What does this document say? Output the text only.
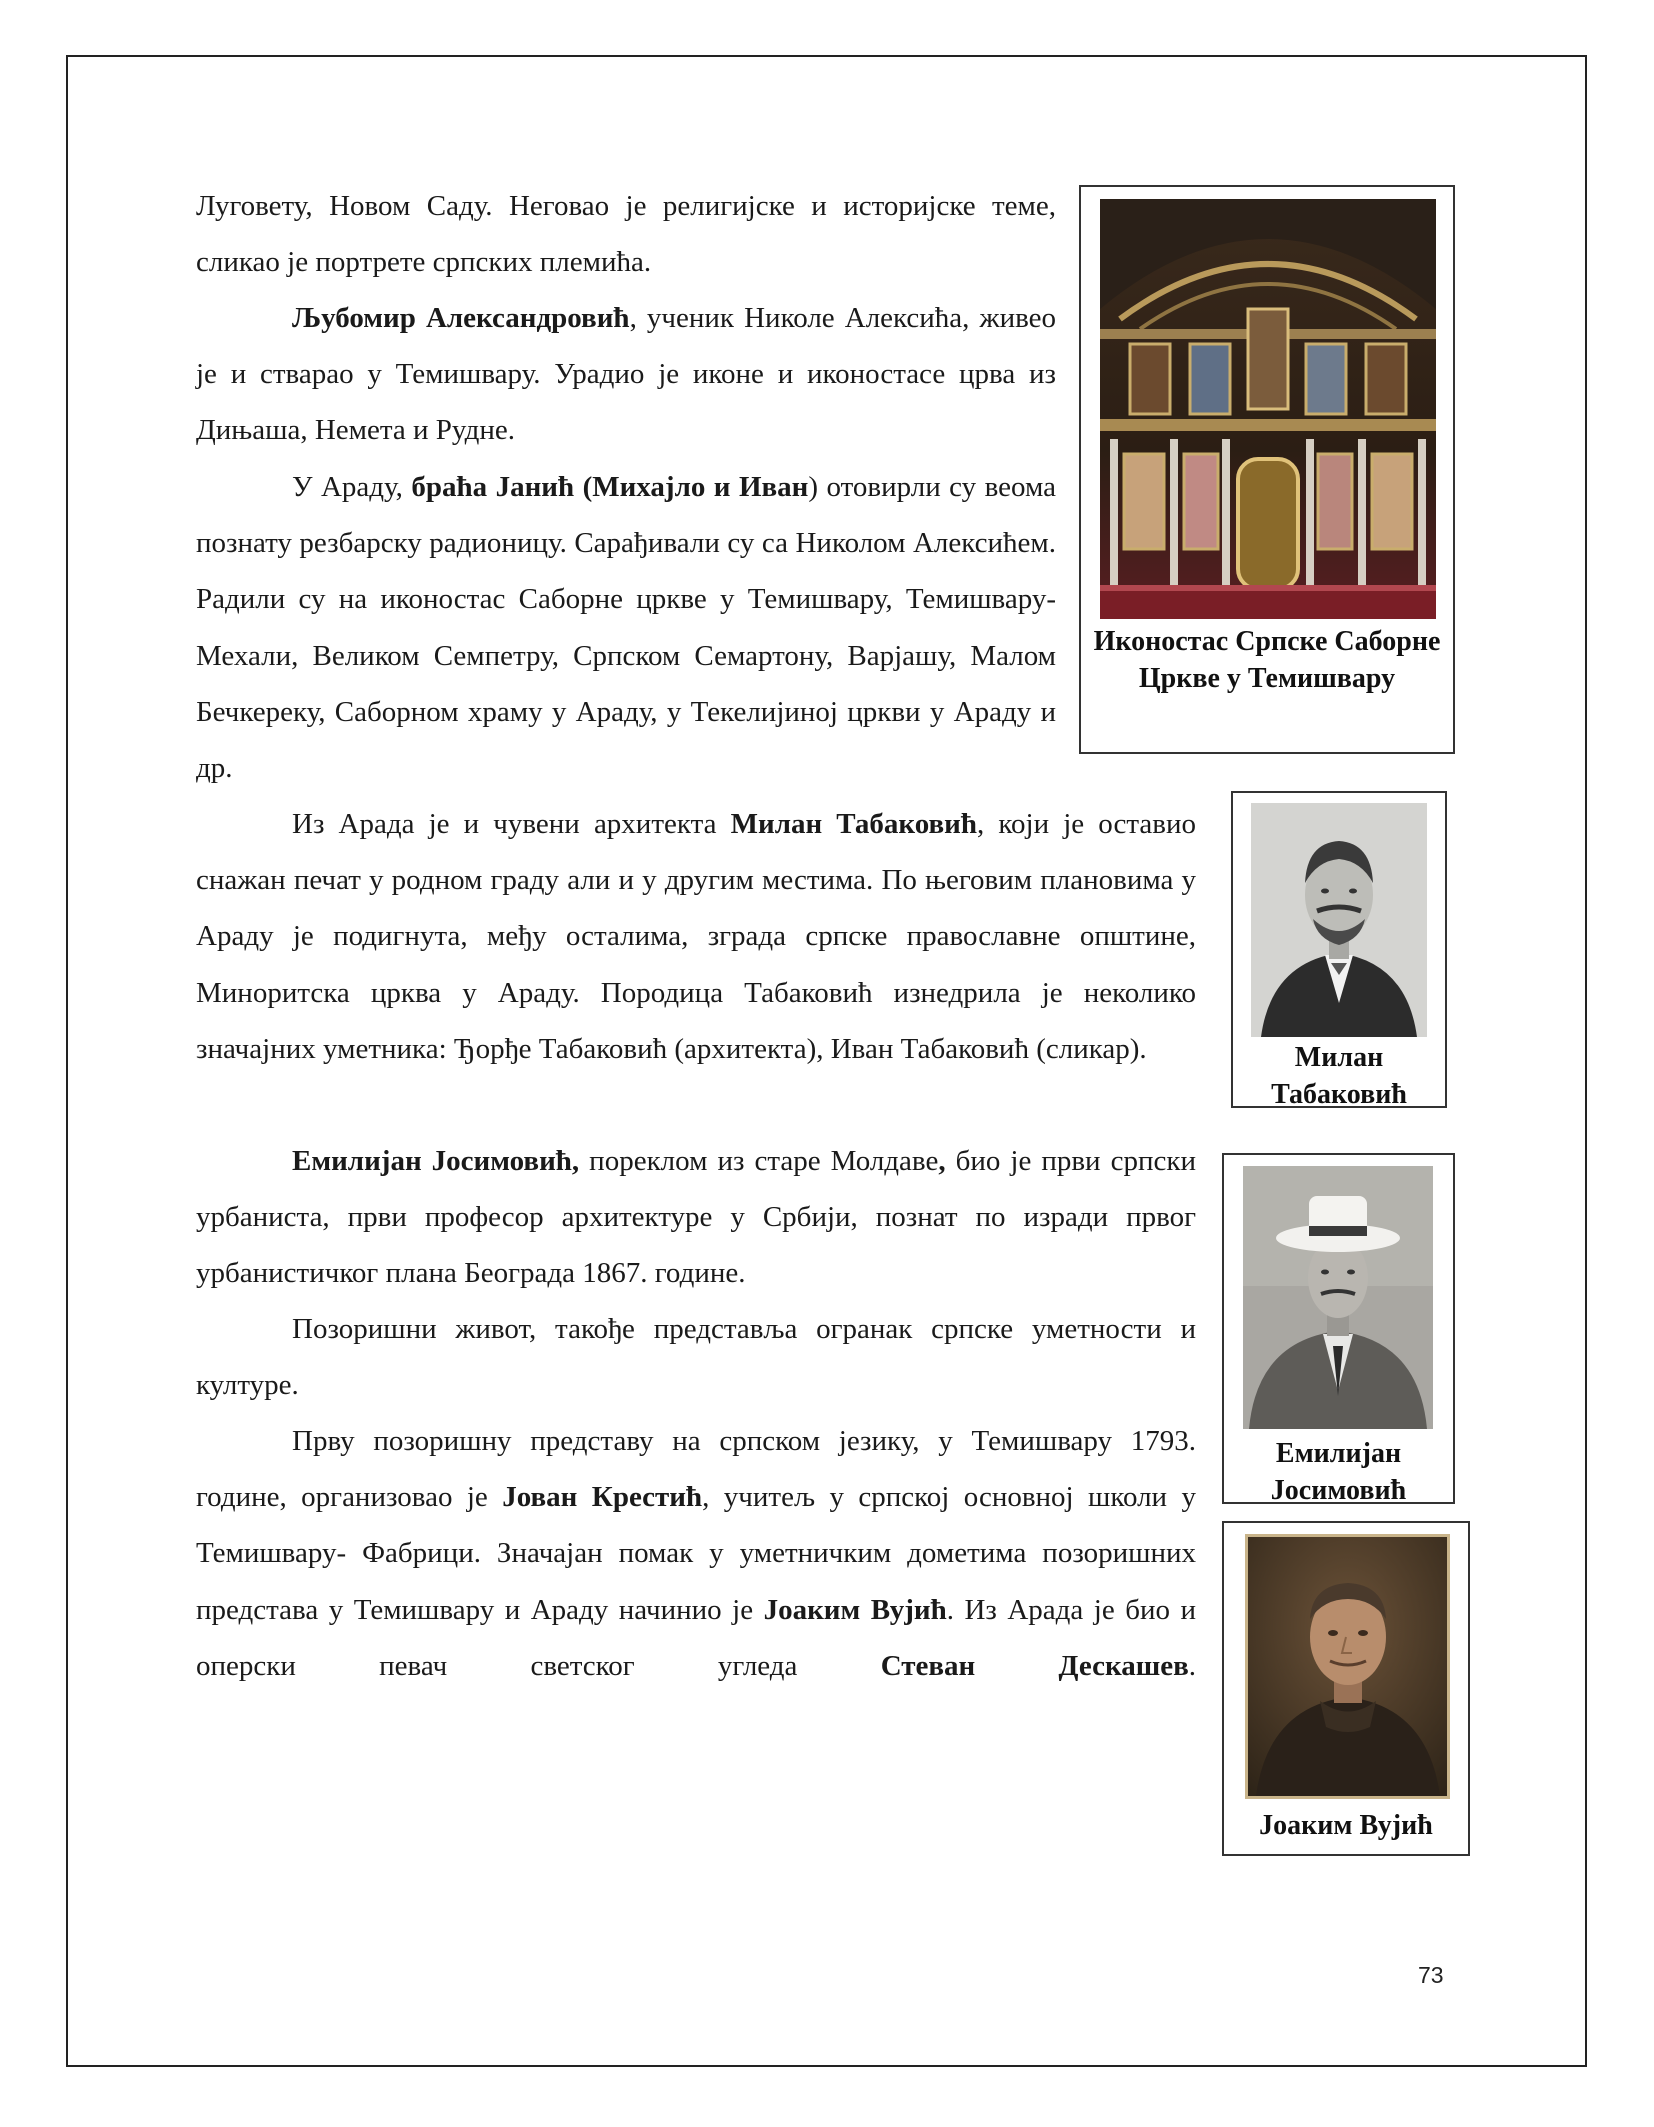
Луговету, Новом Саду. Неговао је религијске и историјске теме, сликао је портрете српских племића.

Љубомир Александровић, ученик Николе Алексића, живео је и стварао у Темишвару. Урадио је иконе и иконостасе црва из Дињаша, Немета и Рудне.

У Араду, браћа Јанић (Михајло и Иван) отовирли су веома познату резбарску радионицу. Сарађивали су са Николом Алексићем. Радили су на иконостас Саборне цркве у Темишвару, Темишвару-Мехали, Великом Семпетру, Српском Семартону, Варјашу, Малом Бечкереку, Саборном храму у Араду, у Текелијиној цркви у Араду и др.

Из Арада је и чувени архитекта Милан Табаковић, који је оставио снажан печат у родном граду али и у другим местима. По његовим плановима у Араду је подигнута, међу осталима, зграда српске православне општине, Миноритска црква у Араду. Породица Табаковић изнедрила је неколико значајних уметника: Ђорђе Табаковић (архитекта), Иван Табаковић (сликар).

Емилијан Јосимовић, пореклом из старе Молдаве, био је први српски урбаниста, први професор архитектуре у Србији, познат по изради првог урбанистичког плана Београда 1867. године.

Позоришни живот, такође представља огранак српске уметности и културе.

Прву позоришну представу на српском језику, у Темишвару 1793. године, организовао је Јован Крестић, учитељ у српској основној школи у Темишвару- Фабрици. Значајан помак у уметничким дометима позоришних представа у Темишвару и Араду начинио је Јоаким Вујић. Из Арада је био и оперски певач светског угледа Стеван Дескашев.

Иконостас Српске Саборне Цркве у Темишвару
Милан Табаковић
Емилијан Јосимовић
Јоаким Вујић
73
